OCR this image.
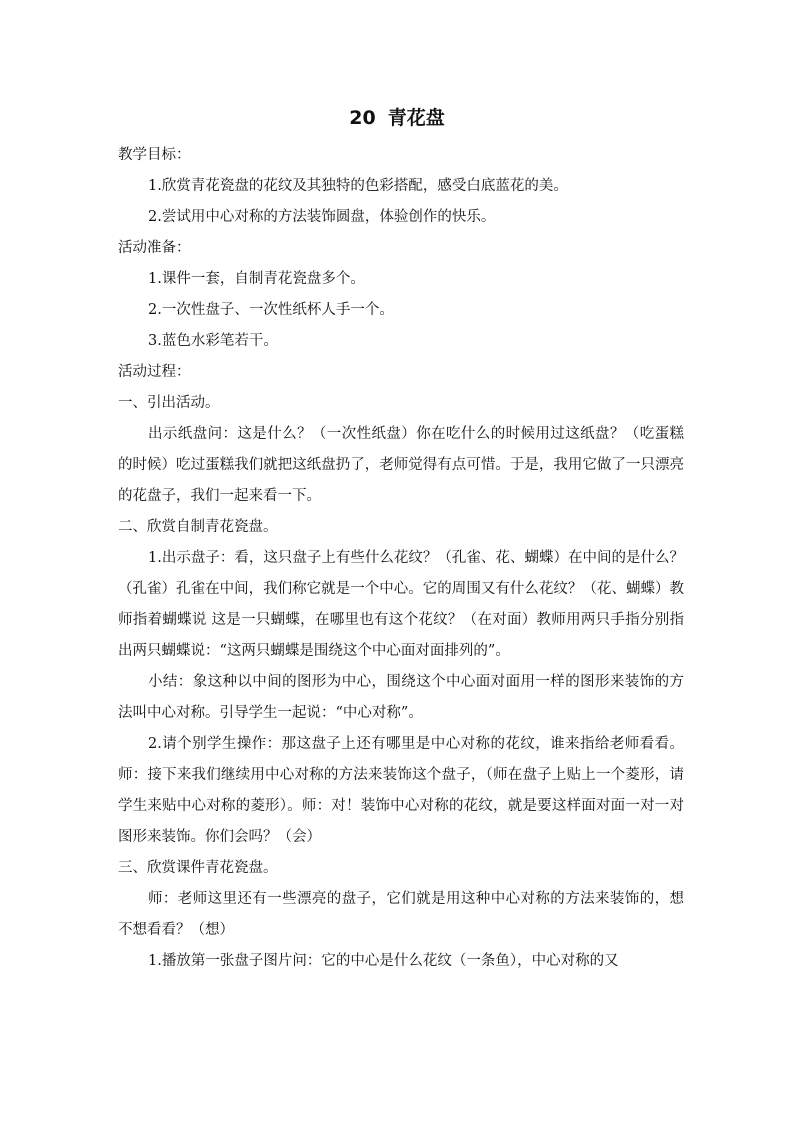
20 青花盘

教学目标：

1.欣赏青花瓷盘的花纹及其独特的色彩搭配，感受白底蓝花的美。

2.尝试用中心对称的方法装饰圆盘，体验创作的快乐。

活动准备：

1.课件一套，自制青花瓷盘多个。

2.一次性盘子、一次性纸杯人手一个。

3.蓝色水彩笔若干。

活动过程：

一、引出活动。

出示纸盘问：这是什么？（一次性纸盘）你在吃什么的时候用过这纸盘？（吃蛋糕的时候）吃过蛋糕我们就把这纸盘扔了，老师觉得有点可惜。于是，我用它做了一只漂亮的花盘子，我们一起来看一下。

二、欣赏自制青花瓷盘。

1.出示盘子：看，这只盘子上有些什么花纹？（孔雀、花、蝴蝶）在中间的是什么？（孔雀）孔雀在中间，我们称它就是一个中心。它的周围又有什么花纹？（花、蝴蝶）教师指着蝴蝶说 这是一只蝴蝶，在哪里也有这个花纹？（在对面）教师用两只手指分别指出两只蝴蝶说：“这两只蝴蝶是围绕这个中心面对面排列的”。

小结：象这种以中间的图形为中心，围绕这个中心面对面用一样的图形来装饰的方法叫中心对称。引导学生一起说：“中心对称”。

2.请个别学生操作：那这盘子上还有哪里是中心对称的花纹，谁来指给老师看看。师：接下来我们继续用中心对称的方法来装饰这个盘子，（师在盘子上贴上一个菱形，请学生来贴中心对称的菱形）。师：对！装饰中心对称的花纹，就是要这样面对面一对一对图形来装饰。你们会吗？（会）

三、欣赏课件青花瓷盘。

师：老师这里还有一些漂亮的盘子，它们就是用这种中心对称的方法来装饰的，想不想看看？（想）

1.播放第一张盘子图片问：它的中心是什么花纹（一条鱼），中心对称的又
